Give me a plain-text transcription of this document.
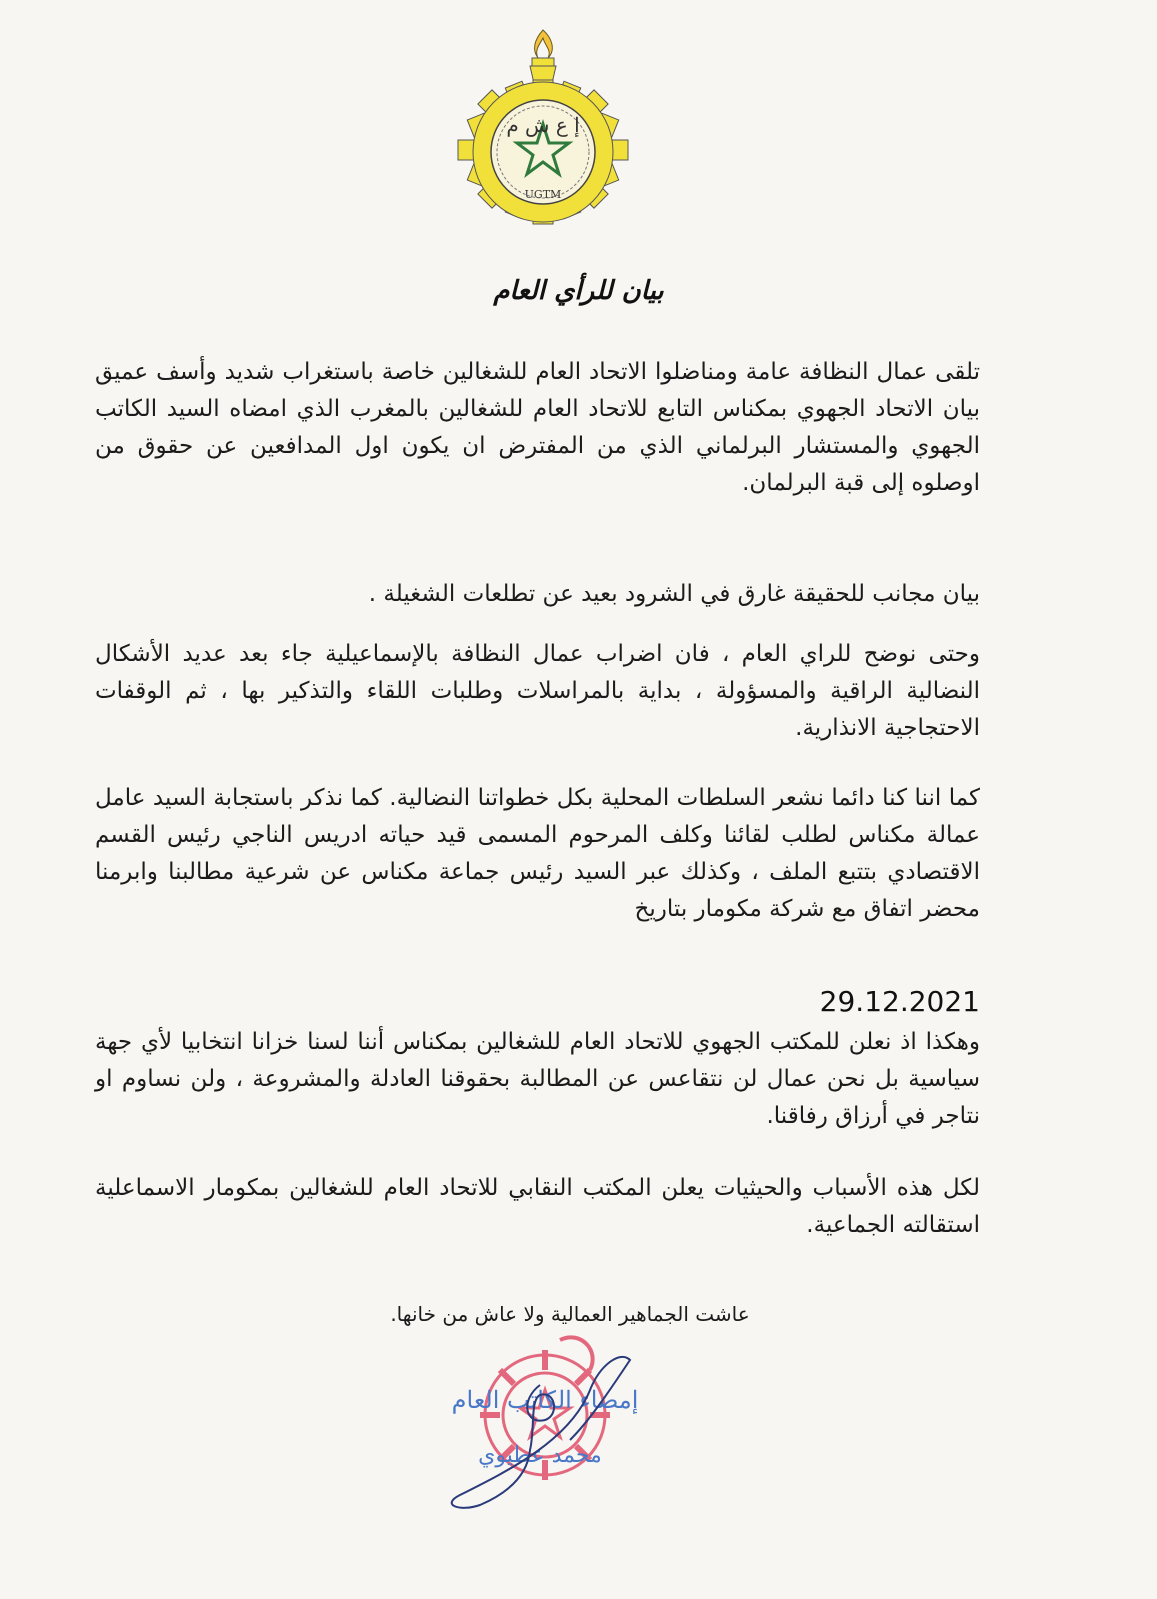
إ ع ش م
UGTM
بيان للرأي العام

تلقى عمال النظافة عامة ومناضلوا الاتحاد العام للشغالين خاصة باستغراب شديد وأسف عميق بيان الاتحاد الجهوي بمكناس التابع للاتحاد العام للشغالين بالمغرب الذي امضاه السيد الكاتب الجهوي والمستشار البرلماني الذي من المفترض ان يكون اول المدافعين عن حقوق من اوصلوه إلى قبة البرلمان.

بيان مجانب للحقيقة غارق في الشرود بعيد عن تطلعات الشغيلة .

وحتى نوضح للراي العام ، فان اضراب عمال النظافة بالإسماعيلية جاء بعد عديد الأشكال النضالية الراقية والمسؤولة ، بداية بالمراسلات وطلبات اللقاء والتذكير بها ، ثم الوقفات الاحتجاجية الانذارية.

كما اننا كنا دائما نشعر السلطات المحلية بكل خطواتنا النضالية. كما نذكر باستجابة السيد عامل عمالة مكناس لطلب لقائنا وكلف المرحوم المسمى قيد حياته ادريس الناجي رئيس القسم الاقتصادي بتتبع الملف ، وكذلك عبر السيد رئيس جماعة مكناس عن شرعية مطالبنا وابرمنا محضر اتفاق مع شركة مكومار بتاريخ

29.12.2021

وهكذا اذ نعلن للمكتب الجهوي للاتحاد العام للشغالين بمكناس أننا لسنا خزانا انتخابيا لأي جهة سياسية بل نحن عمال لن نتقاعس عن المطالبة بحقوقنا العادلة والمشروعة ، ولن نساوم او نتاجر في أرزاق رفاقنا.

لكل هذه الأسباب والحيثيات يعلن المكتب النقابي للاتحاد العام للشغالين بمكومار الاسماعلية استقالته الجماعية.

عاشت الجماهير العمالية ولا عاش من خانها.
إمضاء الكاتب العام
محمد عطيوي
